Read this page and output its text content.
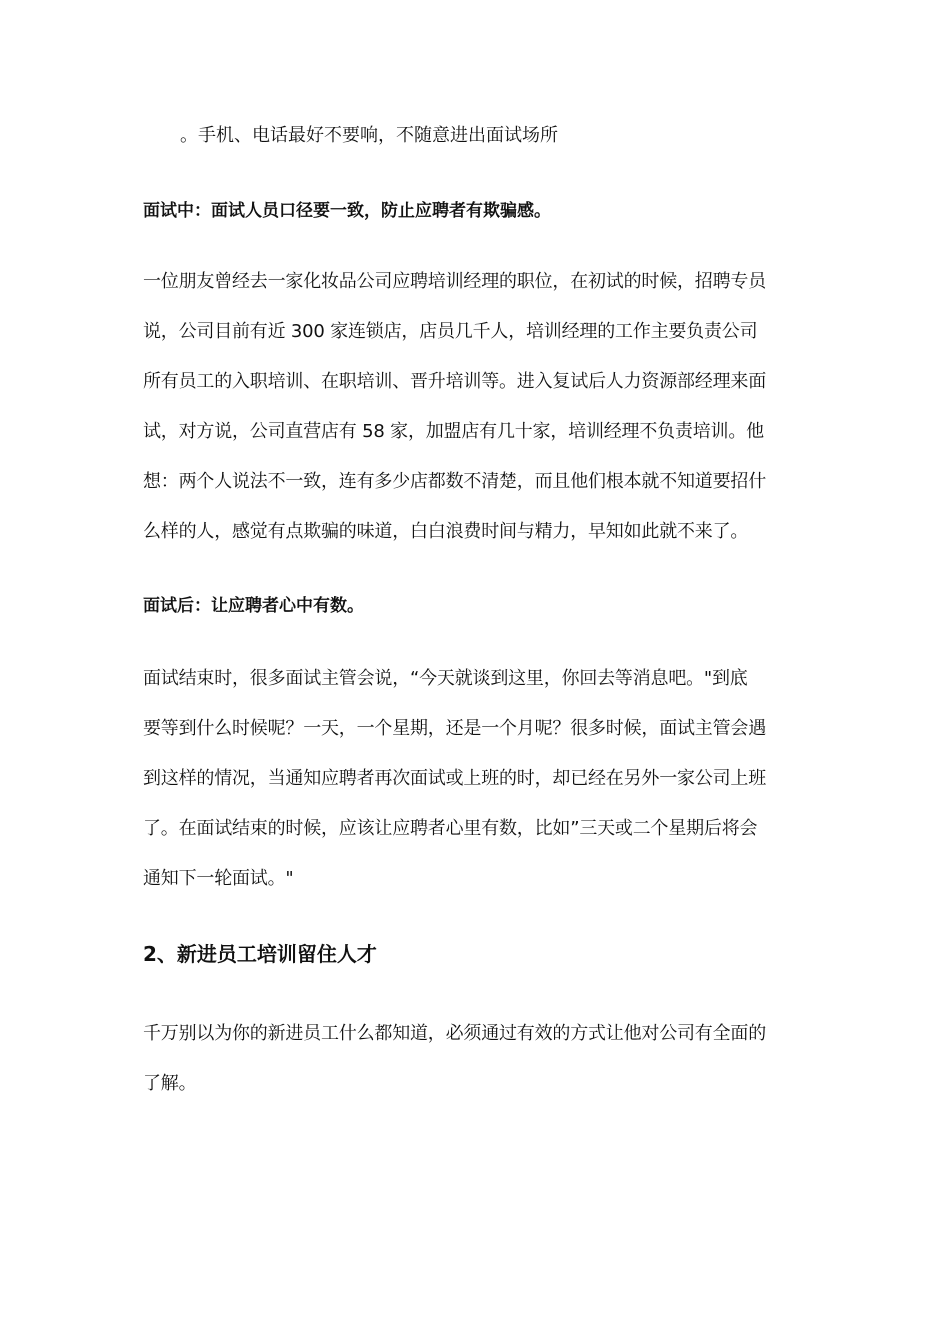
。手机、电话最好不要响，不随意进出面试场所

面试中：面试人员口径要一致，防止应聘者有欺骗感。

一位朋友曾经去一家化妆品公司应聘培训经理的职位，在初试的时候，招聘专员
说，公司目前有近 300 家连锁店，店员几千人，培训经理的工作主要负责公司
所有员工的入职培训、在职培训、晋升培训等。进入复试后人力资源部经理来面
试，对方说，公司直营店有 58 家，加盟店有几十家，培训经理不负责培训。他
想：两个人说法不一致，连有多少店都数不清楚，而且他们根本就不知道要招什
么样的人，感觉有点欺骗的味道，白白浪费时间与精力，早知如此就不来了。

面试后：让应聘者心中有数。

面试结束时，很多面试主管会说，“今天就谈到这里，你回去等消息吧。"到底
要等到什么时候呢？一天，一个星期，还是一个月呢？很多时候，面试主管会遇
到这样的情况，当通知应聘者再次面试或上班的时，却已经在另外一家公司上班
了。在面试结束的时候，应该让应聘者心里有数，比如”三天或二个星期后将会
通知下一轮面试。"

2、新进员工培训留住人才

千万别以为你的新进员工什么都知道，必须通过有效的方式让他对公司有全面的
了解。
